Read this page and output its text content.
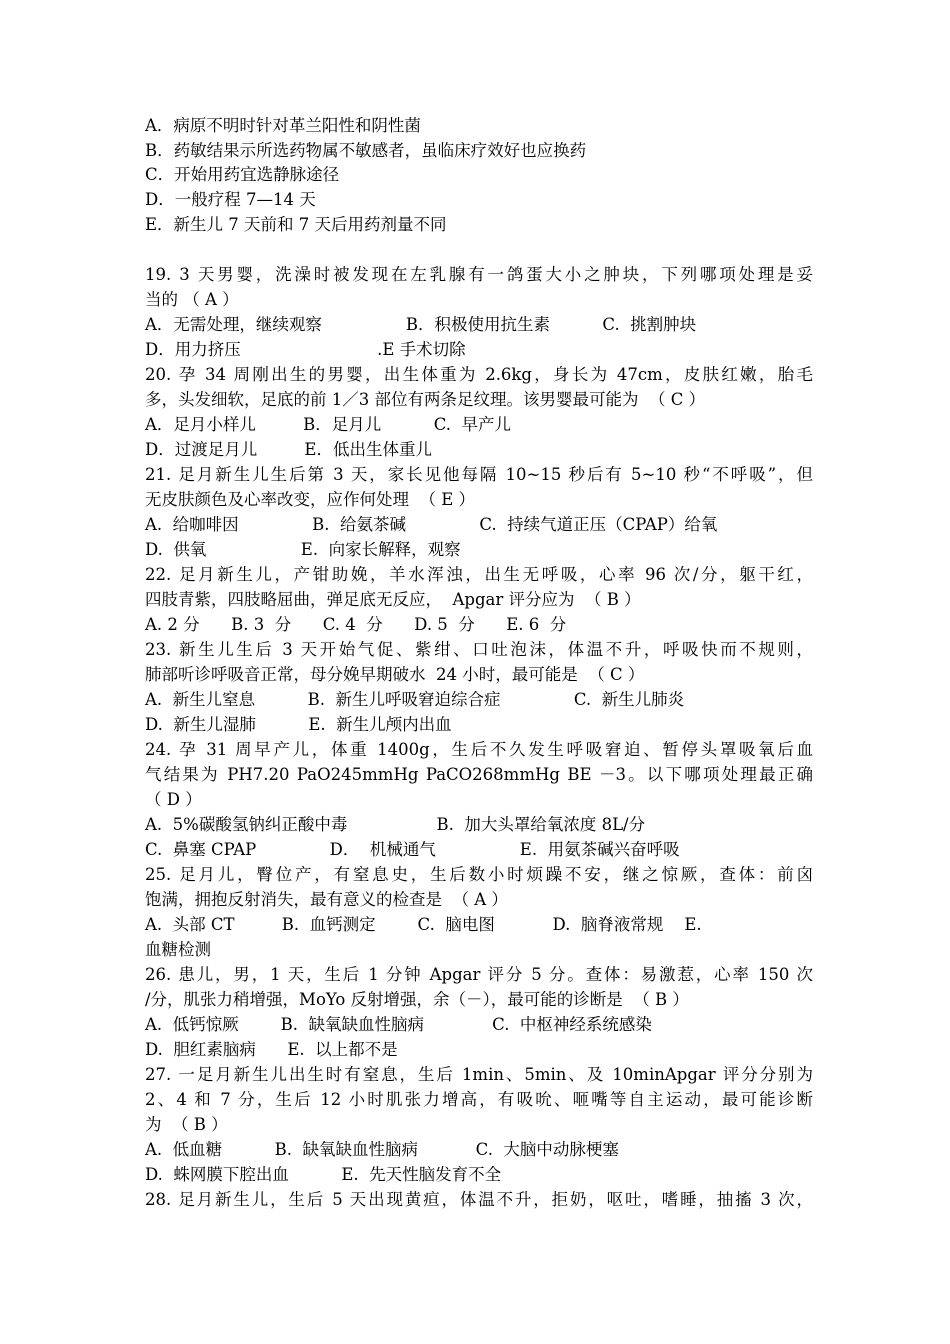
A．病原不明时针对革兰阳性和阴性菌
B．药敏结果示所选药物属不敏感者，虽临床疗效好也应换药
C．开始用药宜选静脉途径
D．一般疗程 7—14 天
E．新生儿 7 天前和 7 天后用药剂量不同
19. 3 天男婴，洗澡时被发现在左乳腺有一鸽蛋大小之肿块，下列哪项处理是妥
当的 （ A ）
A．无需处理，继续观察                B．积极使用抗生素          C.  挑割肿块
D．用力挤压                          .E 手术切除
20. 孕 34 周刚出生的男婴，出生体重为 2.6kg，身长为 47cm，皮肤红嫩，胎毛
多，头发细软，足底的前 1／3 部位有两条足纹理。该男婴最可能为  （ C ）
A．足月小样儿         B．足月儿          C.  早产儿
D．过渡足月儿         E．低出生体重儿
21. 足月新生儿生后第 3 天，家长见他每隔 10~15 秒后有 5~10 秒“不呼吸”，但
无皮肤颜色及心率改变，应作何处理  （ E ）
A.  给咖啡因              B.  给氨茶碱              C.  持续气道正压（CPAP）给氧
D.  供氧                  E.  向家长解释，观察
22. 足月新生儿，产钳助娩，羊水浑浊，出生无呼吸，心率 96 次/分，躯干红，
四肢青紫，四肢略屈曲，弹足底无反应，  Apgar 评分应为  （ B ）
A. 2 分      B. 3  分      C. 4  分      D. 5  分      E. 6  分
23. 新生儿生后 3 天开始气促、紫绀、口吐泡沫，体温不升，呼吸快而不规则，
肺部听诊呼吸音正常，母分娩早期破水  24 小时，最可能是  （ C ）
A.  新生儿窒息          B.  新生儿呼吸窘迫综合症              C.  新生儿肺炎
D.  新生儿湿肺          E.  新生儿颅内出血
24. 孕 31 周早产儿，体重 1400g，生后不久发生呼吸窘迫、暂停头罩吸氧后血
气结果为 PH7.20 PaO245mmHg PaCO268mmHg BE －3。以下哪项处理最正确
（ D ）
A.  5%碳酸氢钠纠正酸中毒                 B.  加大头罩给氧浓度 8L/分
C.  鼻塞 CPAP              D．  机械通气                E.  用氨茶碱兴奋呼吸
25. 足月儿，臀位产，有窒息史，生后数小时烦躁不安，继之惊厥，查体：前囟
饱满，拥抱反射消失，最有意义的检查是  （ A ）
A.  头部 CT         B.  血钙测定        C.  脑电图           D.  脑脊液常规    E.
血糖检测
26. 患儿，男，1 天，生后 1 分钟 Apgar 评分 5 分。查体：易激惹，心率 150 次
/分，肌张力稍增强，MoYo 反射增强，余（－），最可能的诊断是  （ B ）
A.  低钙惊厥        B.  缺氧缺血性脑病             C.  中枢神经系统感染
D.  胆红素脑病      E.  以上都不是
27. 一足月新生儿出生时有窒息，生后 1min、5min、及 10minApgar 评分分别为
2、4 和 7 分，生后 12 小时肌张力增高，有吸吮、咂嘴等自主运动，最可能诊断
为  （ B ）
A.  低血糖          B.  缺氧缺血性脑病           C.  大脑中动脉梗塞
D.  蛛网膜下腔出血          E.  先天性脑发育不全
28. 足月新生儿，生后 5 天出现黄疸，体温不升，拒奶，呕吐，嗜睡，抽搐 3 次，
